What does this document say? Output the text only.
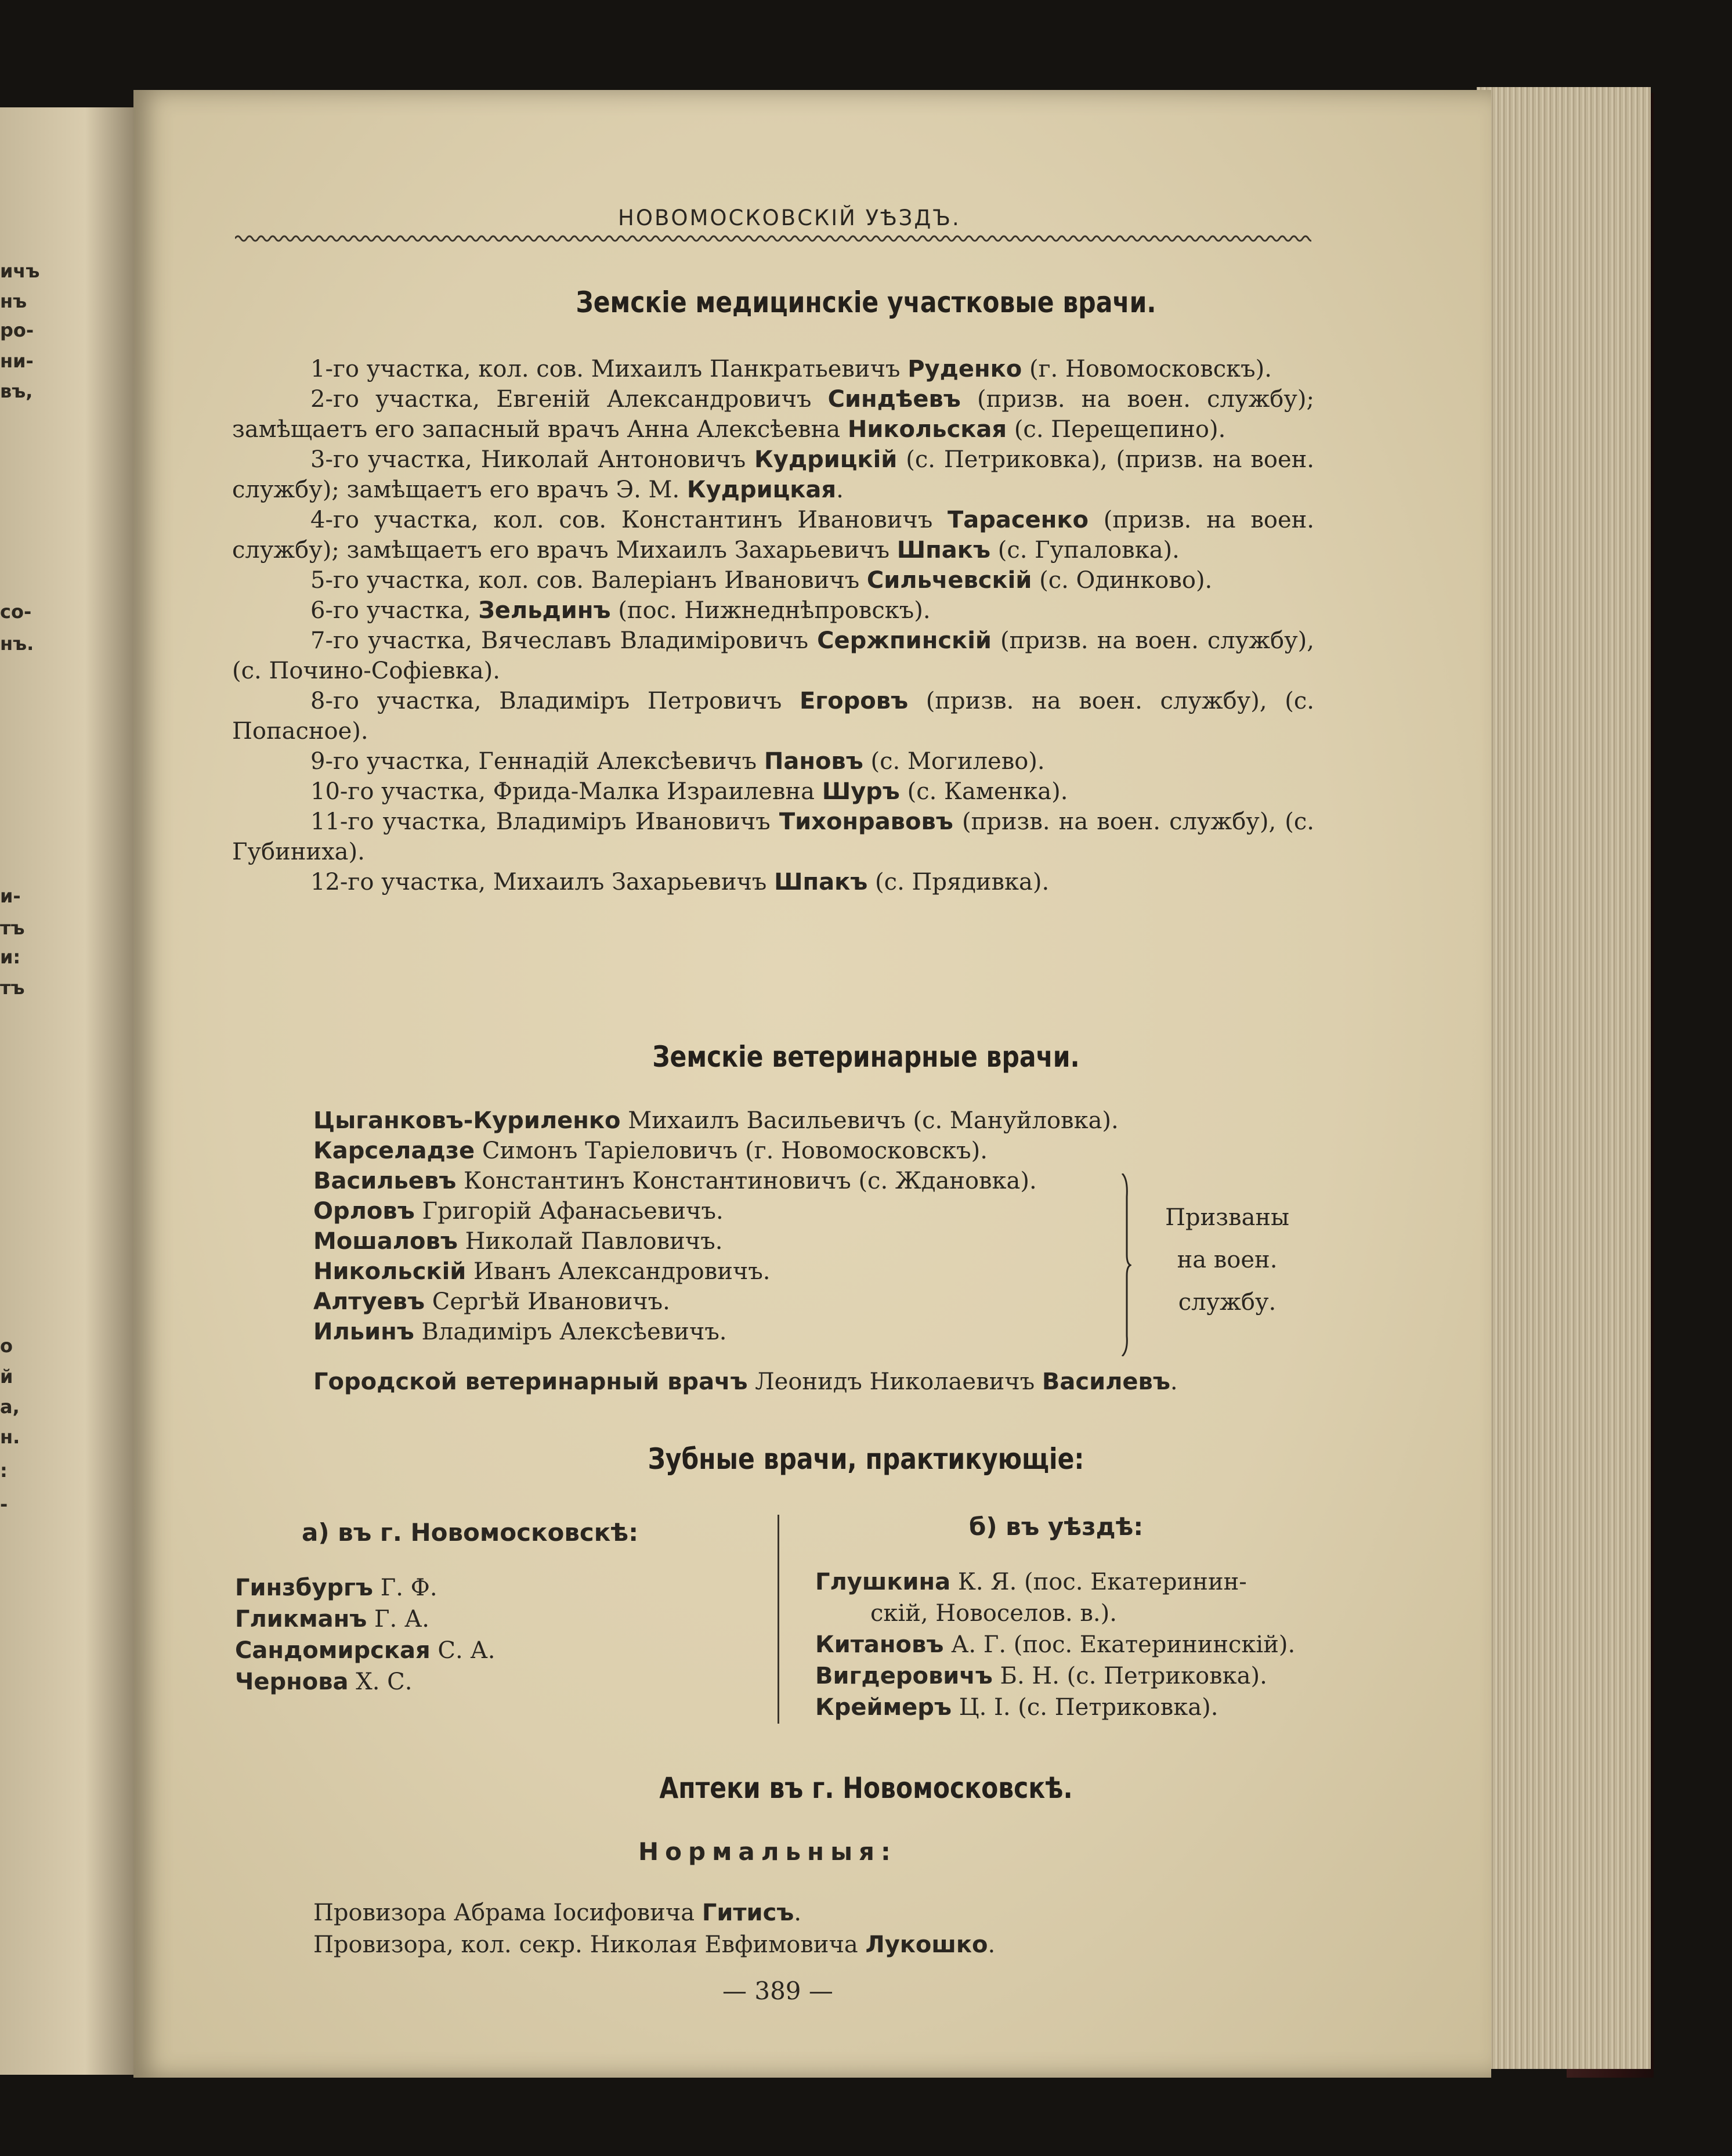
ичъ
нъ
ро-
ни-
въ,
со-
нъ.
и-
тъ
и:
тъ
о
й
а,
н.
:
-
НОВОМОСКОВСКІЙ УѢЗДЪ.
Земскіе медицинскіе участковые врачи.

1-го участка, кол. сов. Михаилъ Панкратьевичъ Руденко (г. Новомосковскъ).

2-го участка, Евгеній Александровичъ Синдѣевъ (призв. на воен. службу); замѣщаетъ его запасный врачъ Анна Алексѣевна Никольская (с. Перещепино).

3-го участка, Николай Антоновичъ Кудрицкій (с. Петриковка), (призв. на воен. службу); замѣщаетъ его врачъ Э. М. Кудрицкая.

4-го участка, кол. сов. Константинъ Ивановичъ Тарасенко (призв. на воен. службу); замѣщаетъ его врачъ Михаилъ Захарьевичъ Шпакъ (с. Гупаловка).

5-го участка, кол. сов. Валеріанъ Ивановичъ Сильчевскій (с. Одинково).

6-го участка, Зельдинъ (пос. Нижнеднѣпровскъ).

7-го участка, Вячеславъ Владиміровичъ Сержпинскій (призв. на воен. службу), (с. Почино-Софіевка).

8-го участка, Владиміръ Петровичъ Егоровъ (призв. на воен. службу), (с. Попасное).

9-го участка, Геннадій Алексѣевичъ Пановъ (с. Могилево).

10-го участка, Фрида-Малка Израилевна Шуръ (с. Каменка).

11-го участка, Владиміръ Ивановичъ Тихонравовъ (призв. на воен. службу), (с. Губиниха).

12-го участка, Михаилъ Захарьевичъ Шпакъ (с. Прядивка).

Земскіе ветеринарные врачи.
Цыганковъ-Куриленко Михаилъ Васильевичъ (с. Мануйловка).
Карселадзе Симонъ Таріеловичъ (г. Новомосковскъ).
Васильевъ Константинъ Константиновичъ (с. Ждановка).
Орловъ Григорій Афанасьевичъ.
Мошаловъ Николай Павловичъ.
Никольскій Иванъ Александровичъ.
Алтуевъ Сергѣй Ивановичъ.
Ильинъ Владиміръ Алексѣевичъ.
Призваны
на воен.
службу.
Городской ветеринарный врачъ Леонидъ Николаевичъ Василевъ.
Зубные врачи, практикующіе:
а) въ г. Новомосковскѣ:	б) въ уѣздѣ:
Гинзбургъ Г. Ф.
Гликманъ Г. А.
Сандомирская С. А.
Чернова Х. С.
Глушкина К. Я. (пос. Екатеринин-
скій, Новоселов. в.).
Китановъ А. Г. (пос. Екатерининскій).
Вигдеровичъ Б. Н. (с. Петриковка).
Креймеръ Ц. І. (с. Петриковка).
Аптеки въ г. Новомосковскѣ.
Нормальныя:
Провизора Абрама Іосифовича Гитисъ.
Провизора, кол. секр. Николая Евфимовича Лукошко.
— 389 —
